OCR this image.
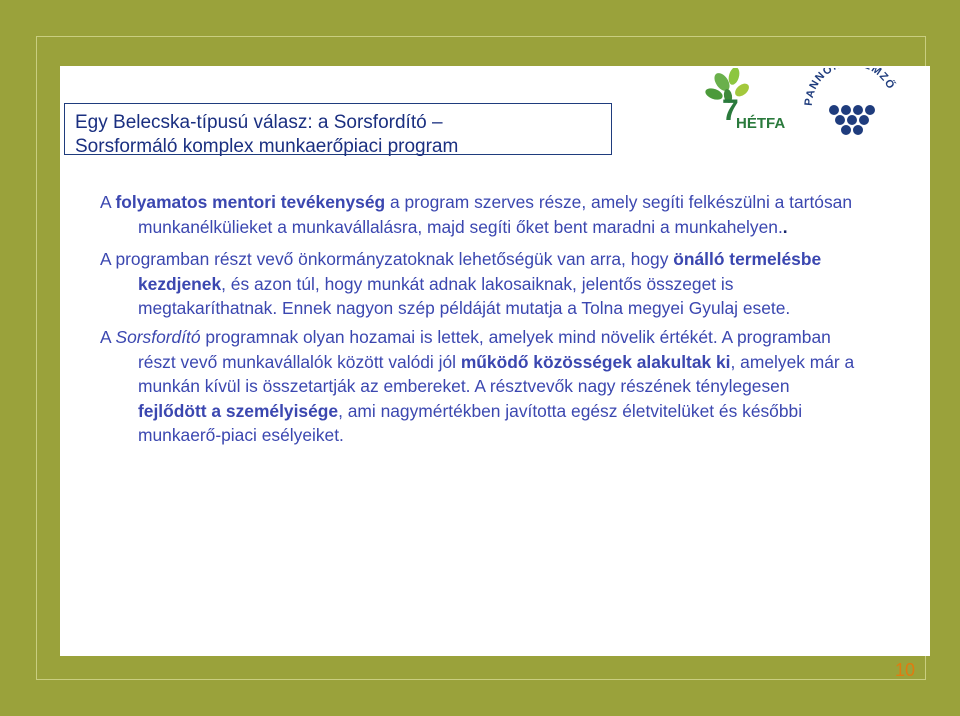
Egy Belecska-típusú válasz: a Sorsfordító –
Sorsformáló komplex munkaerőpiaci program
7
HÉTFA
PANNO MZŐ

A folyamatos mentori tevékenység a program szerves része, amely segíti felkészülni a tartósan munkanélkülieket a munkavállalásra, majd segíti őket bent maradni a munkahelyen..

A programban részt vevő önkormányzatoknak lehetőségük van arra, hogy önálló termelésbe kezdjenek, és azon túl, hogy munkát adnak lakosaiknak, jelentős összeget is megtakaríthatnak. Ennek nagyon szép példáját mutatja a Tolna megyei Gyulaj esete.

A Sorsfordító programnak olyan hozamai is lettek, amelyek mind növelik értékét. A programban részt vevő munkavállalók között valódi jól működő közösségek alakultak ki, amelyek már a munkán kívül is összetartják az embereket. A résztvevők nagy részének ténylegesen fejlődött a személyisége, ami nagymértékben javította egész életvitelüket és későbbi munkaerő-piaci esélyeiket.

10
